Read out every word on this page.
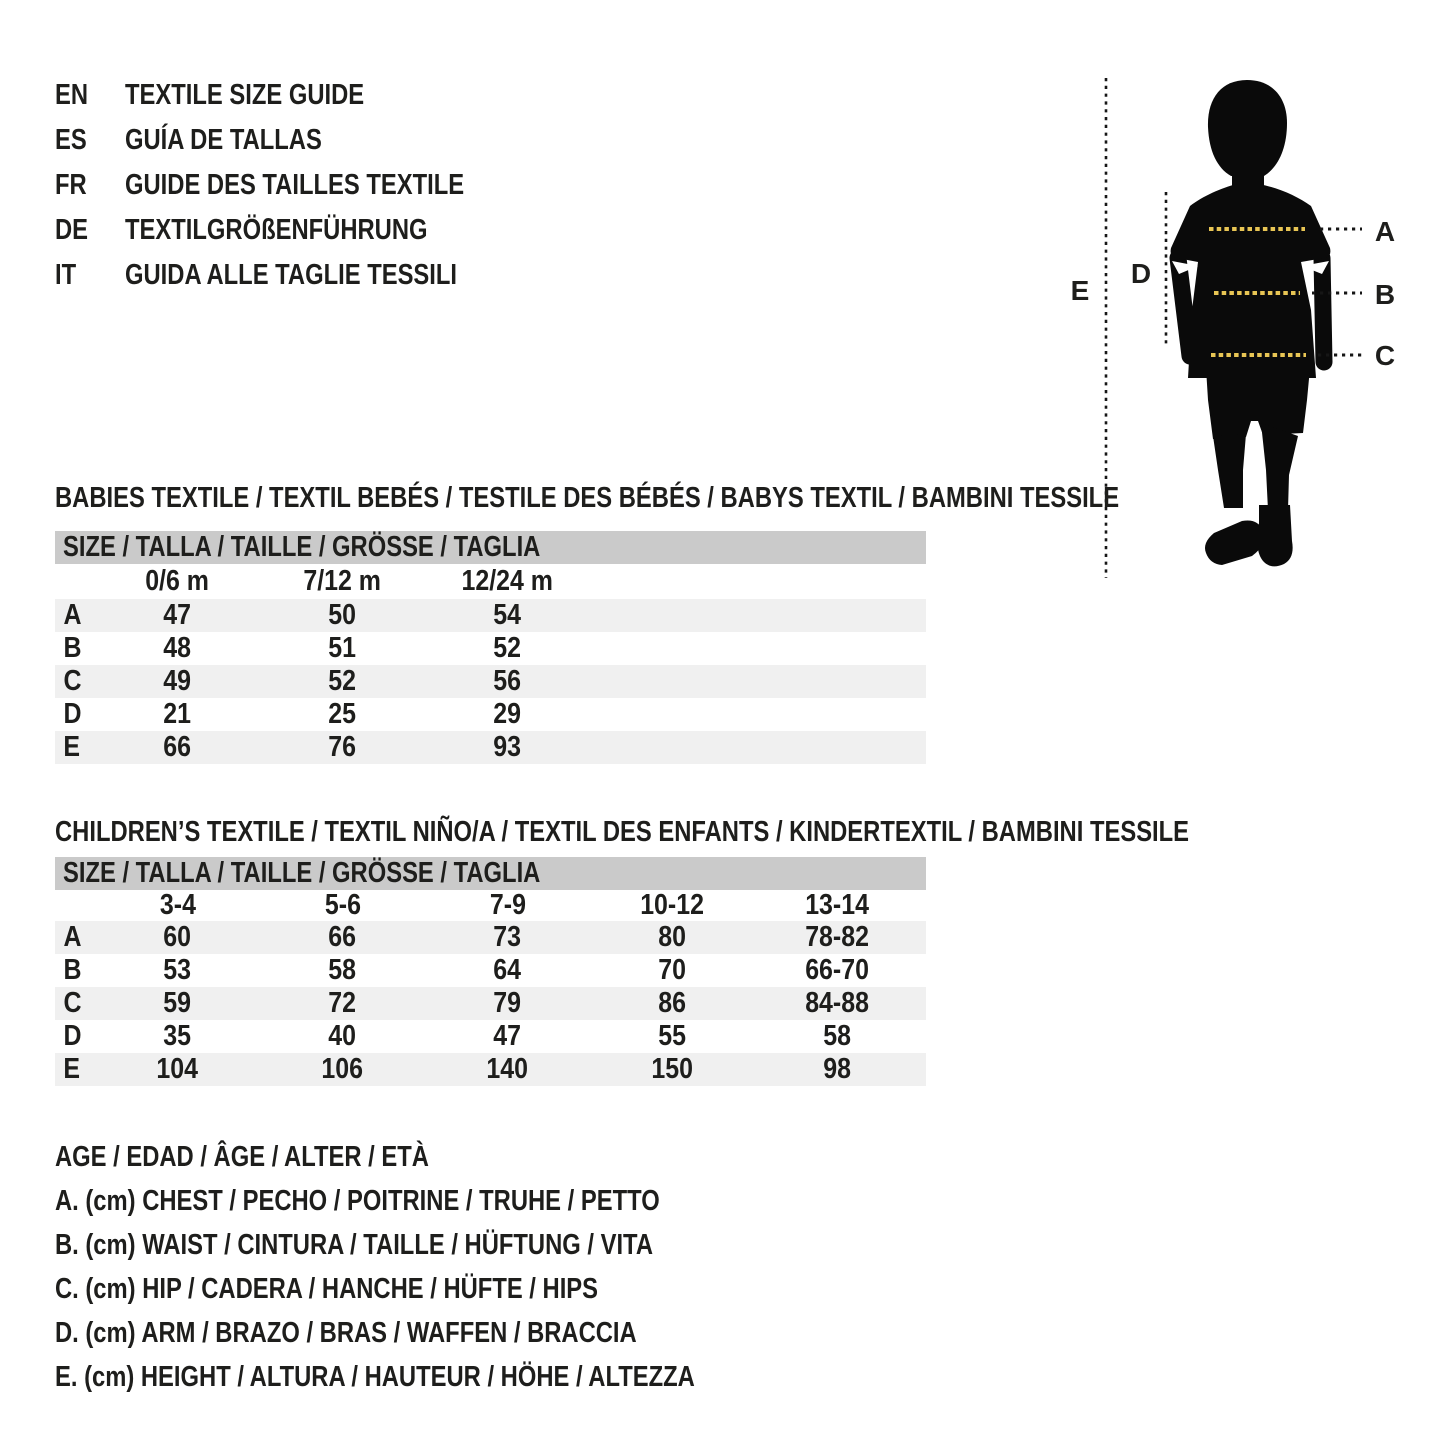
EN	TEXTILE SIZE GUIDE
ES	GUÍA DE TALLAS
FR	GUIDE DES TAILLES TEXTILE
DE	TEXTILGRÖßENFÜHRUNG
IT	GUIDA ALLE TAGLIE TESSILI	E
D
A
B
C
BABIES TEXTILE / TEXTIL BEBÉS / TESTILE DES BÉBÉS / BABYS TEXTIL / BAMBINI TESSILE
SIZE / TALLA / TAILLE / GRÖSSE / TAGLIA
0/6 m	7/12 m	12/24 m
A	47	50	54
B	48	51	52
C	49	52	56
D	21	25	29
E	66	76	93
CHILDREN’S TEXTILE / TEXTIL NIÑO/A / TEXTIL DES ENFANTS / KINDERTEXTIL / BAMBINI TESSILE
SIZE / TALLA / TAILLE / GRÖSSE / TAGLIA
3-4	5-6	7-9	10-12	13-14
A	60	66	73	80	78-82
B	53	58	64	70	66-70
C	59	72	79	86	84-88
D	35	40	47	55	58
E	104	106	140	150	98
AGE / EDAD / ÂGE / ALTER / ETÀ
A. (cm) CHEST / PECHO / POITRINE / TRUHE / PETTO
B. (cm) WAIST / CINTURA / TAILLE / HÜFTUNG / VITA
C. (cm) HIP / CADERA / HANCHE / HÜFTE / HIPS
D. (cm) ARM / BRAZO / BRAS / WAFFEN / BRACCIA
E. (cm) HEIGHT / ALTURA / HAUTEUR / HÖHE / ALTEZZA
